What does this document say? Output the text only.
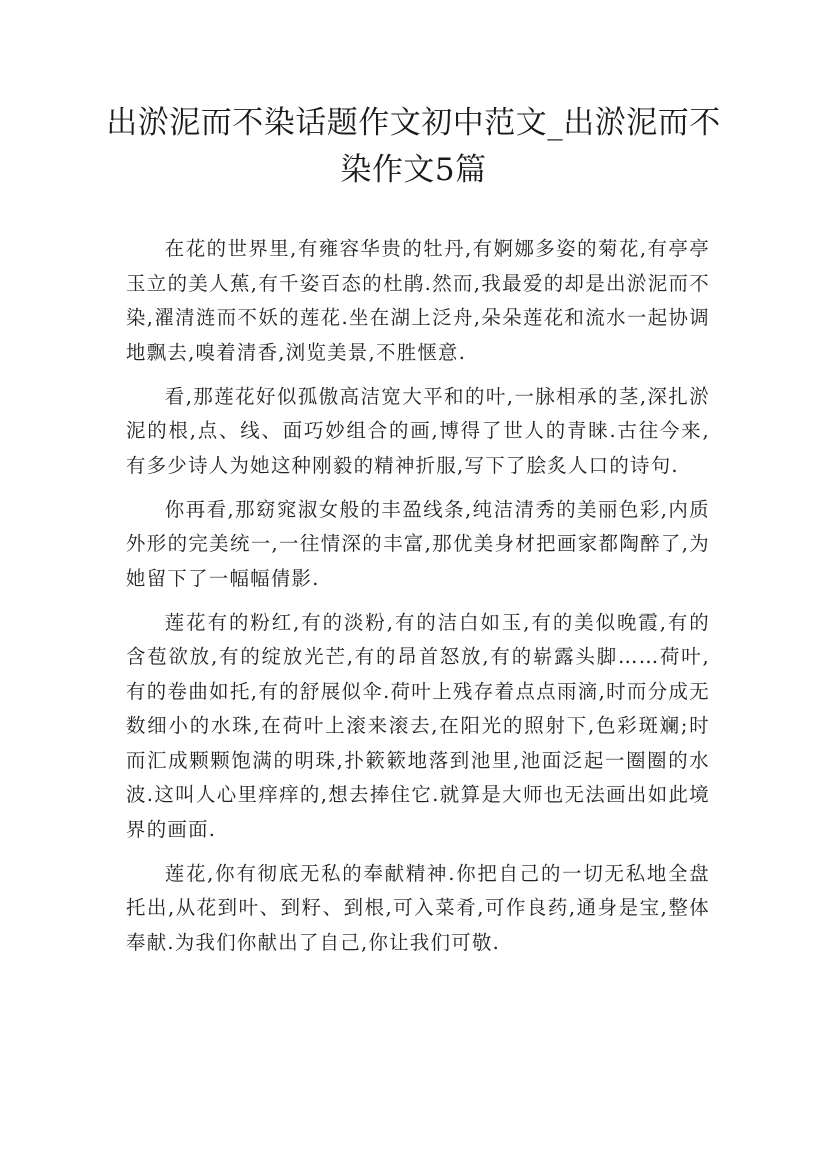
出淤泥而不染话题作文初中范文_出淤泥而不染作文5篇

在花的世界里,有雍容华贵的牡丹,有婀娜多姿的菊花,有亭亭玉立的美人蕉,有千姿百态的杜鹃.然而,我最爱的却是出淤泥而不染,濯清涟而不妖的莲花.坐在湖上泛舟,朵朵莲花和流水一起协调地飘去,嗅着清香,浏览美景,不胜惬意.

看,那莲花好似孤傲高洁宽大平和的叶,一脉相承的茎,深扎淤泥的根,点、线、面巧妙组合的画,博得了世人的青睐.古往今来,有多少诗人为她这种刚毅的精神折服,写下了脍炙人口的诗句.

你再看,那窈窕淑女般的丰盈线条,纯洁清秀的美丽色彩,内质外形的完美统一,一往情深的丰富,那优美身材把画家都陶醉了,为她留下了一幅幅倩影.

莲花有的粉红,有的淡粉,有的洁白如玉,有的美似晚霞,有的含苞欲放,有的绽放光芒,有的昂首怒放,有的崭露头脚……荷叶,有的卷曲如托,有的舒展似伞.荷叶上残存着点点雨滴,时而分成无数细小的水珠,在荷叶上滚来滚去,在阳光的照射下,色彩斑斓;时而汇成颗颗饱满的明珠,扑簌簌地落到池里,池面泛起一圈圈的水波.这叫人心里痒痒的,想去捧住它.就算是大师也无法画出如此境界的画面.

莲花,你有彻底无私的奉献精神.你把自己的一切无私地全盘托出,从花到叶、到籽、到根,可入菜肴,可作良药,通身是宝,整体奉献.为我们你献出了自己,你让我们可敬.
